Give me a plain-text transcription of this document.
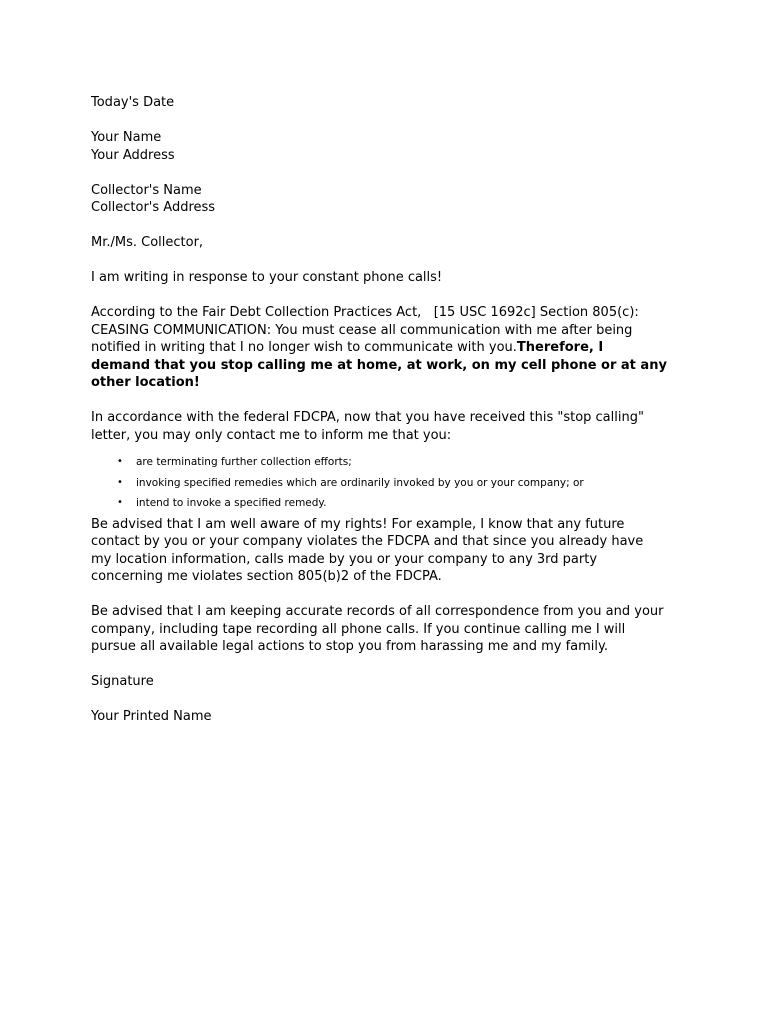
Today's Date
Your Name
Your Address
Collector's Name
Collector's Address
Mr./Ms. Collector,
I am writing in response to your constant phone calls!
According to the Fair Debt Collection Practices Act,   [15 USC 1692c] Section 805(c):
CEASING COMMUNICATION: You must cease all communication with me after being
notified in writing that I no longer wish to communicate with you.Therefore, I
demand that you stop calling me at home, at work, on my cell phone or at any
other location!
In accordance with the federal FDCPA, now that you have received this "stop calling"
letter, you may only contact me to inform me that you:
• are terminating further collection efforts;
• invoking specified remedies which are ordinarily invoked by you or your company; or
• intend to invoke a specified remedy.
Be advised that I am well aware of my rights! For example, I know that any future
contact by you or your company violates the FDCPA and that since you already have
my location information, calls made by you or your company to any 3rd party
concerning me violates section 805(b)2 of the FDCPA.
Be advised that I am keeping accurate records of all correspondence from you and your
company, including tape recording all phone calls. If you continue calling me I will
pursue all available legal actions to stop you from harassing me and my family.
Signature
Your Printed Name
